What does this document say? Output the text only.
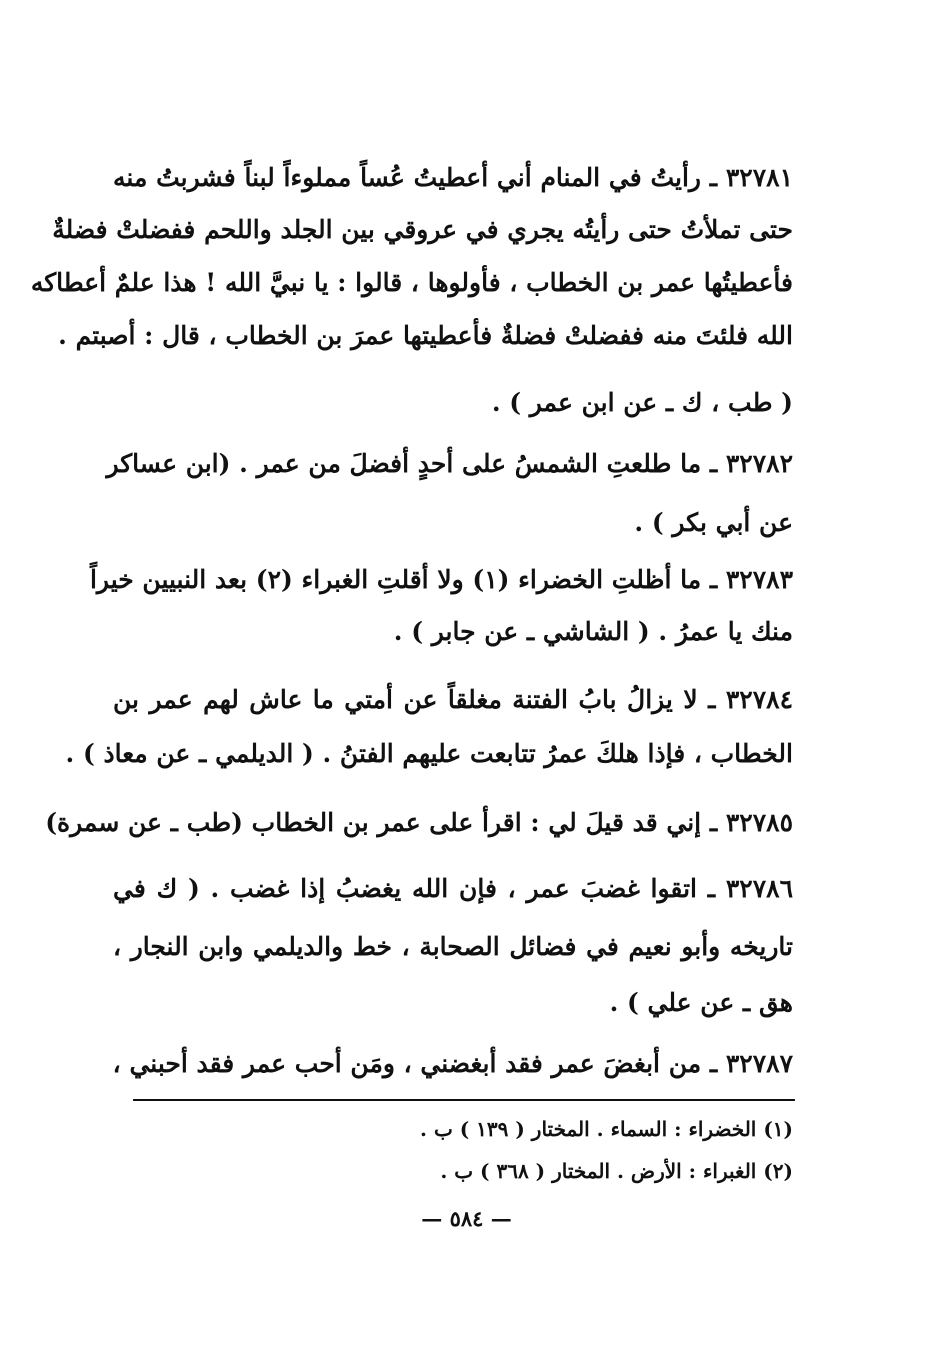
٣٢٧٨١ ـ رأيتُ في المنام أني أعطيتُ عُساً مملوءاً لبناً فشربتُ منه
حتى تملأتُ حتى رأيتُه يجري في عروقي بين الجلد واللحم ففضلتْ فضلةٌ
فأعطيتُها عمر بن الخطاب ، فأولوها ، قالوا : يا نبيَّ الله ! هذا علمٌ أعطاكه
الله فلئتَ منه ففضلتْ فضلةٌ فأعطيتها عمرَ بن الخطاب ، قال : أصبتم .
( طب ، ك ـ عن ابن عمر ) .
٣٢٧٨٢ ـ ما طلعتِ الشمسُ على أحدٍ أفضلَ من عمر . (ابن عساكر
عن أبي بكر ) .
٣٢٧٨٣ ـ ما أظلتِ الخضراء (١) ولا أقلتِ الغبراء (٢) بعد النبيين خيراً
منك يا عمرُ . ( الشاشي ـ عن جابر ) .
٣٢٧٨٤ ـ لا يزالُ بابُ الفتنة مغلقاً عن أمتي ما عاش لهم عمر بن
الخطاب ، فإذا هلكَ عمرُ تتابعت عليهم الفتنُ . ( الديلمي ـ عن معاذ ) .
٣٢٧٨٥ ـ إني قد قيلَ لي : اقرأ على عمر بن الخطاب (طب ـ عن سمرة)
٣٢٧٨٦ ـ اتقوا غضبَ عمر ، فإن الله يغضبُ إذا غضب . ( ك في
تاريخه وأبو نعيم في فضائل الصحابة ، خط والديلمي وابن النجار ،
هق ـ عن علي ) .
٣٢٧٨٧ ـ من أبغضَ عمر فقد أبغضني ، ومَن أحب عمر فقد أحبني ،
(١) الخضراء : السماء . المختار ( ١٣٩ ) ب .
(٢) الغبراء : الأرض . المختار ( ٣٦٨ ) ب .
— ٥٨٤ —
